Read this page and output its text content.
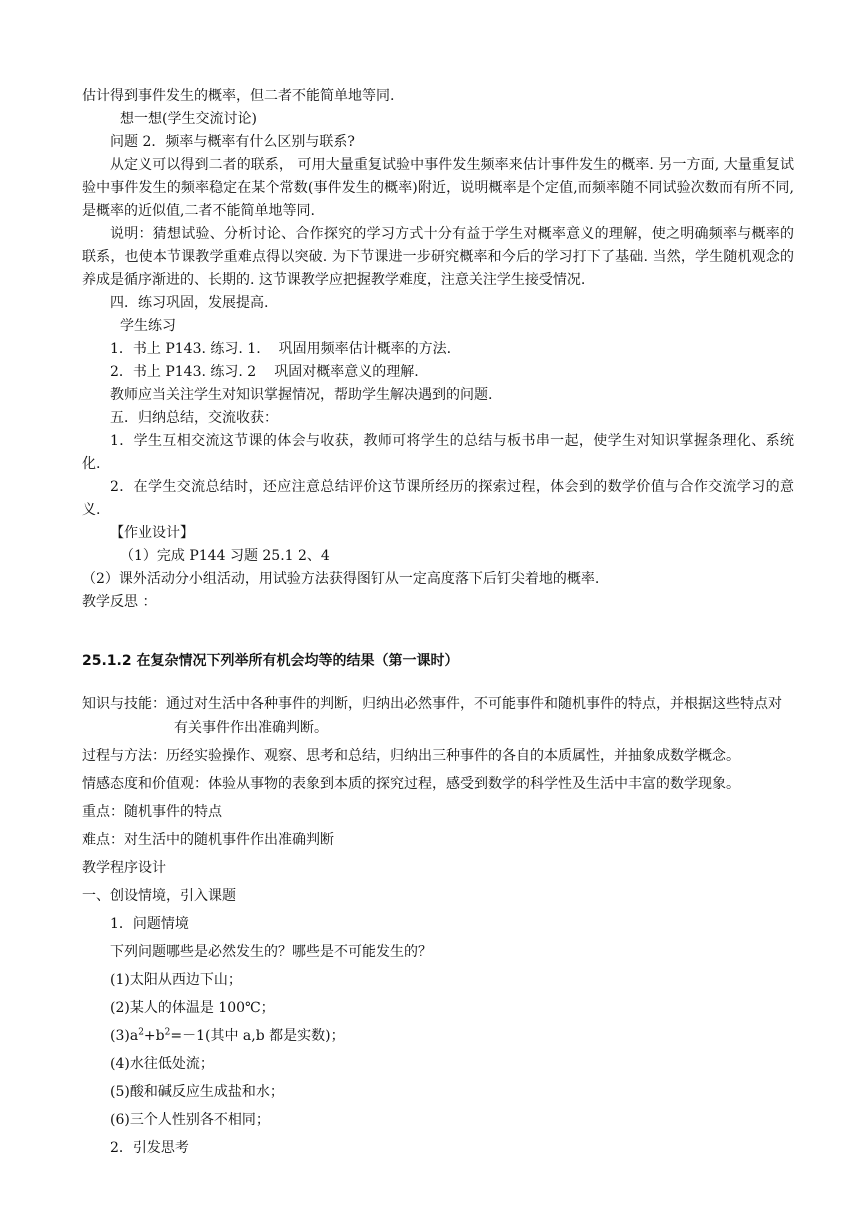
估计得到事件发生的概率，但二者不能简单地等同.

想一想(学生交流讨论)

问题 2．频率与概率有什么区别与联系?

从定义可以得到二者的联系， 可用大量重复试验中事件发生频率来估计事件发生的概率. 另一方面, 大量重复试验中事件发生的频率稳定在某个常数(事件发生的概率)附近，说明概率是个定值,而频率随不同试验次数而有所不同,是概率的近似值,二者不能简单地等同.

说明：猜想试验、分析讨论、合作探究的学习方式十分有益于学生对概率意义的理解，使之明确频率与概率的联系，也使本节课教学重难点得以突破. 为下节课进一步研究概率和今后的学习打下了基础. 当然，学生随机观念的养成是循序渐进的、长期的. 这节课教学应把握教学难度，注意关注学生接受情况.

四．练习巩固，发展提高.

学生练习

1．书上 P143. 练习. 1. 巩固用频率估计概率的方法.

2．书上 P143. 练习. 2 巩固对概率意义的理解.

教师应当关注学生对知识掌握情况，帮助学生解决遇到的问题.

五．归纳总结，交流收获：

1．学生互相交流这节课的体会与收获，教师可将学生的总结与板书串一起，使学生对知识掌握条理化、系统化.

2．在学生交流总结时，还应注意总结评价这节课所经历的探索过程，体会到的数学价值与合作交流学习的意义.

【作业设计】

（1）完成 P144 习题 25.1 2、4

（2）课外活动分小组活动，用试验方法获得图钉从一定高度落下后钉尖着地的概率.

教学反思 ：

25.1.2 在复杂情况下列举所有机会均等的结果（第一课时）

知识与技能：通过对生活中各种事件的判断，归纳出必然事件，不可能事件和随机事件的特点，并根据这些特点对有关事件作出准确判断。

过程与方法：历经实验操作、观察、思考和总结，归纳出三种事件的各自的本质属性，并抽象成数学概念。

情感态度和价值观：体验从事物的表象到本质的探究过程，感受到数学的科学性及生活中丰富的数学现象。

重点：随机事件的特点

难点：对生活中的随机事件作出准确判断

教学程序设计

一、创设情境，引入课题

1．问题情境

下列问题哪些是必然发生的？哪些是不可能发生的？

(1)太阳从西边下山；

(2)某人的体温是 100℃；

$(3)a^2+b^2=-1$(其中 a,b 都是实数)；

(4)水往低处流；

(5)酸和碱反应生成盐和水；

(6)三个人性别各不相同；

2．引发思考
